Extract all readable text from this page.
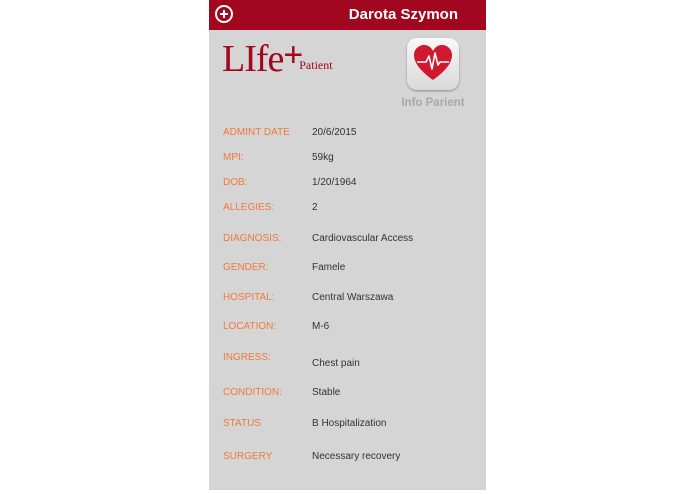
Darota Szymon
LIfe+Patient
Info Parient
ADMINT DATE 20/6/2015
MPI:	59kg
DOB:	1/20/1964
ALLEGIES:	2
DIAGNOSIS:	Cardiovascular Access
GENDER:	Famele
HOSPITAL:	Central Warszawa
LOCATION:	M-6
INGRESS:
Chest pain
CONDITION:	Stable
STATUS	B Hospitalization
SURGERY	Necessary recovery
